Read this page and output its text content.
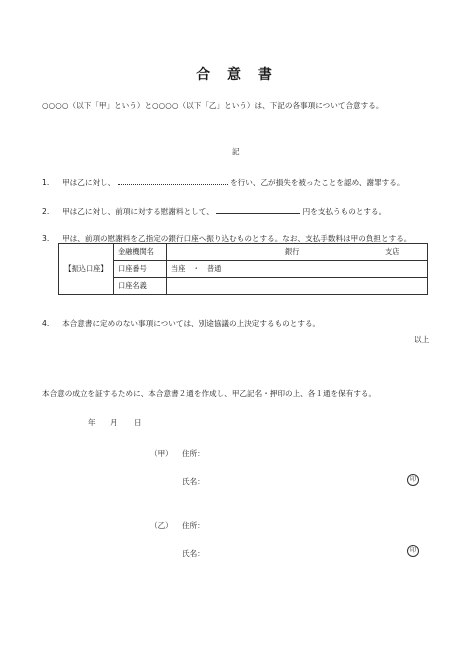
合 意 書
○○○○（以下「甲」という）と○○○○（以下「乙」という）は、下記の各事項について合意する。
記
1. 甲は乙に対し、	を行い、乙が損失を被ったことを認め、謝罪する。
2. 甲は乙に対し、前項に対する慰謝料として、	円を支払うものとする。
3. 甲は、前項の慰謝料を乙指定の銀行口座へ振り込むものとする。なお、支払手数料は甲の負担とする。
【振込口座】	金融機関名	銀行 支店

	口座番号	当座　・　普通
	口座名義	
4. 本合意書に定めのない事項については、別途協議の上決定するものとする。
以上
本合意の成立を証するために、本合意書２通を作成し、甲乙記名・押印の上、各１通を保有する。
年 月 日
（甲） 住所：
氏名：	印
（乙） 住所：
氏名：	印
